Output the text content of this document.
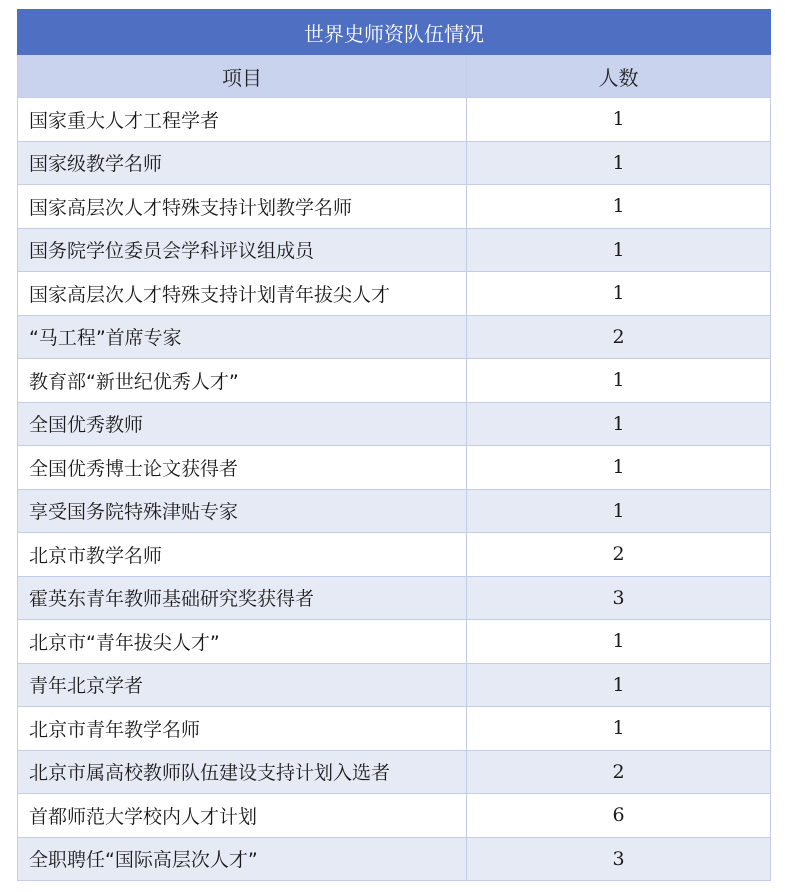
世界史师资队伍情况	
项目	人数
国家重大人才工程学者	1
国家级教学名师	1
国家高层次人才特殊支持计划教学名师	1
国务院学位委员会学科评议组成员	1
国家高层次人才特殊支持计划青年拔尖人才	1
“马工程”首席专家	2
教育部“新世纪优秀人才”	1
全国优秀教师	1
全国优秀博士论文获得者	1
享受国务院特殊津贴专家	1
北京市教学名师	2
霍英东青年教师基础研究奖获得者	3
北京市“青年拔尖人才”	1
青年北京学者	1
北京市青年教学名师	1
北京市属高校教师队伍建设支持计划入选者	2
首都师范大学校内人才计划	6
全职聘任“国际高层次人才”	3
